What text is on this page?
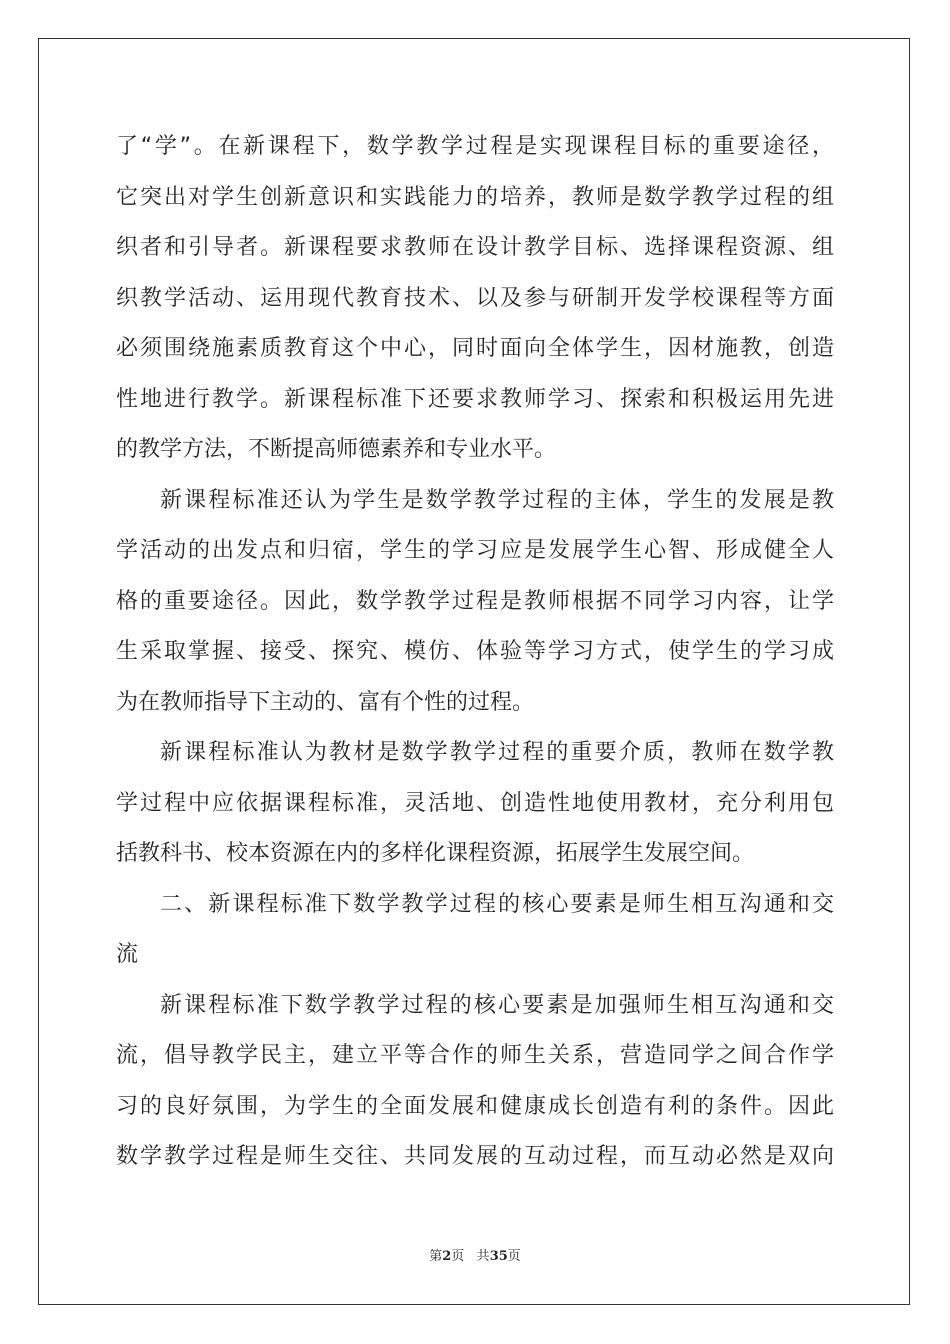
了“学”。在新课程下，数学教学过程是实现课程目标的重要途径，
它突出对学生创新意识和实践能力的培养，教师是数学教学过程的组
织者和引导者。新课程要求教师在设计教学目标、选择课程资源、组
织教学活动、运用现代教育技术、以及参与研制开发学校课程等方面
必须围绕施素质教育这个中心，同时面向全体学生，因材施教，创造
性地进行教学。新课程标准下还要求教师学习、探索和积极运用先进
的教学方法，不断提高师德素养和专业水平。
新课程标准还认为学生是数学教学过程的主体，学生的发展是教
学活动的出发点和归宿，学生的学习应是发展学生心智、形成健全人
格的重要途径。因此，数学教学过程是教师根据不同学习内容，让学
生采取掌握、接受、探究、模仿、体验等学习方式，使学生的学习成
为在教师指导下主动的、富有个性的过程。
新课程标准认为教材是数学教学过程的重要介质，教师在数学教
学过程中应依据课程标准，灵活地、创造性地使用教材，充分利用包
括教科书、校本资源在内的多样化课程资源，拓展学生发展空间。
二、新课程标准下数学教学过程的核心要素是师生相互沟通和交
流
新课程标准下数学教学过程的核心要素是加强师生相互沟通和交
流，倡导教学民主，建立平等合作的师生关系，营造同学之间合作学
习的良好氛围，为学生的全面发展和健康成长创造有利的条件。因此
数学教学过程是师生交往、共同发展的互动过程，而互动必然是双向
第2页 共35页
